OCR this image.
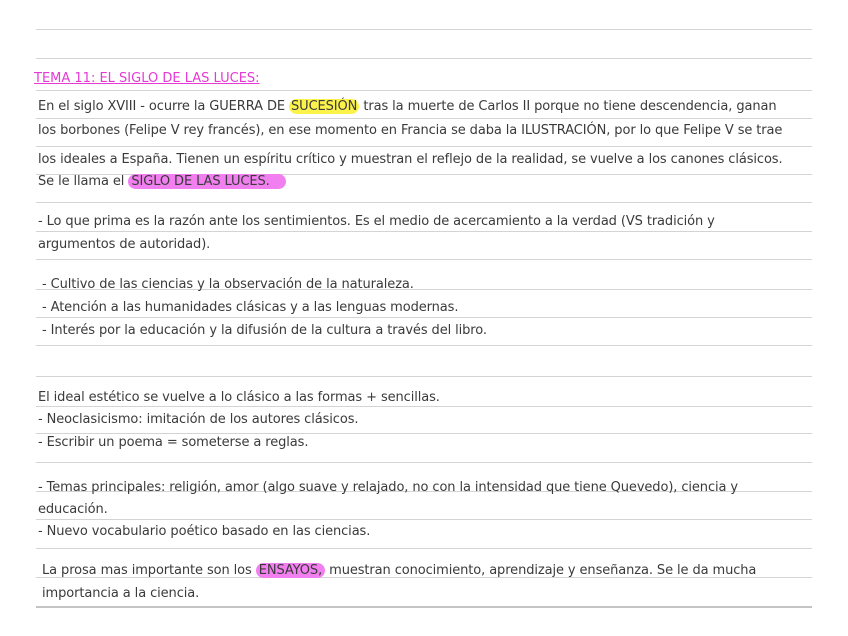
TEMA 11: EL SIGLO DE LAS LUCES:
En el siglo XVIII - ocurre la GUERRA DE SUCESIÓN tras la muerte de Carlos II porque no tiene descendencia, ganan
los borbones (Felipe V rey francés), en ese momento en Francia se daba la ILUSTRACIÓN, por lo que Felipe V se trae
los ideales a España. Tienen un espíritu crítico y muestran el reflejo de la realidad, se vuelve a los canones clásicos.
Se le llama el SIGLO DE LAS LUCES.
- Lo que prima es la razón ante los sentimientos. Es el medio de acercamiento a la verdad (VS tradición y
argumentos de autoridad).
- Cultivo de las ciencias y la observación de la naturaleza.
- Atención a las humanidades clásicas y a las lenguas modernas.
- Interés por la educación y la difusión de la cultura a través del libro.
El ideal estético se vuelve a lo clásico a las formas + sencillas.
- Neoclasicismo: imitación de los autores clásicos.
- Escribir un poema = someterse a reglas.
- Temas principales: religión, amor (algo suave y relajado, no con la intensidad que tiene Quevedo), ciencia y
educación.
- Nuevo vocabulario poético basado en las ciencias.
La prosa mas importante son los ENSAYOS, muestran conocimiento, aprendizaje y enseñanza. Se le da mucha
importancia a la ciencia.
